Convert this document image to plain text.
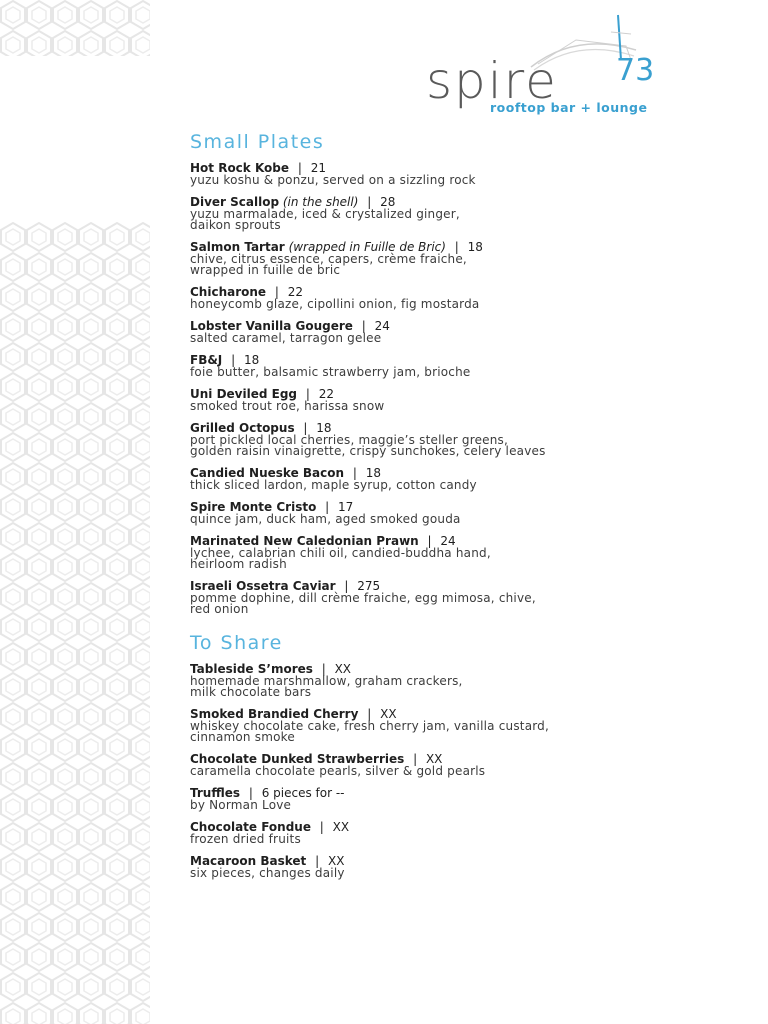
spire 73
rooftop bar + lounge
Small Plates
Hot Rock Kobe | 21
yuzu koshu & ponzu, served on a sizzling rock
Diver Scallop (in the shell) | 28
yuzu marmalade, iced & crystalized ginger,
daikon sprouts
Salmon Tartar (wrapped in Fuille de Bric) | 18
chive, citrus essence, capers, crème fraiche,
wrapped in fuille de bric
Chicharone | 22
honeycomb glaze, cipollini onion, fig mostarda
Lobster Vanilla Gougere | 24
salted caramel, tarragon gelee
FB&J | 18
foie butter, balsamic strawberry jam, brioche
Uni Deviled Egg | 22
smoked trout roe, harissa snow
Grilled Octopus | 18
port pickled local cherries, maggie’s steller greens,
golden raisin vinaigrette, crispy sunchokes, celery leaves
Candied Nueske Bacon | 18
thick sliced lardon, maple syrup, cotton candy
Spire Monte Cristo | 17
quince jam, duck ham, aged smoked gouda
Marinated New Caledonian Prawn | 24
lychee, calabrian chili oil, candied-buddha hand,
heirloom radish
Israeli Ossetra Caviar | 275
pomme dophine, dill crème fraiche, egg mimosa, chive,
red onion
To Share
Tableside S’mores | XX
homemade marshmallow, graham crackers,
milk chocolate bars
Smoked Brandied Cherry | XX
whiskey chocolate cake, fresh cherry jam, vanilla custard,
cinnamon smoke
Chocolate Dunked Strawberries | XX
caramella chocolate pearls, silver & gold pearls
Truffles | 6 pieces for --
by Norman Love
Chocolate Fondue | XX
frozen dried fruits
Macaroon Basket | XX
six pieces, changes daily
